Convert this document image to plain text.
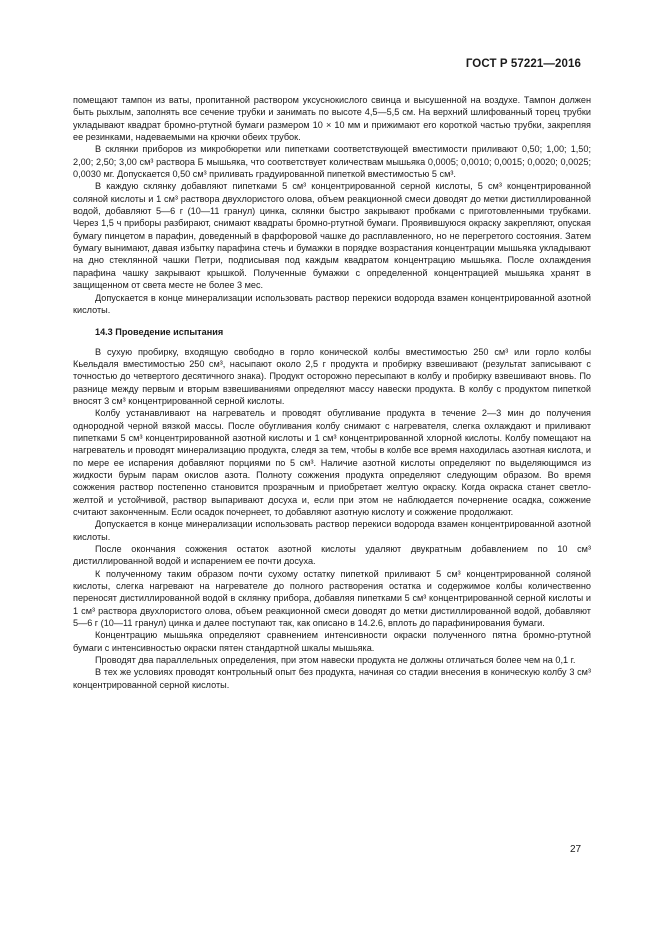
ГОСТ Р 57221—2016

помещают тампон из ваты, пропитанной раствором уксуснокислого свинца и высушенной на воздухе. Тампон должен быть рыхлым, заполнять все сечение трубки и занимать по высоте 4,5—5,5 см. На верхний шлифованный торец трубки укладывают квадрат бромно-ртутной бумаги размером 10 × 10 мм и прижимают его короткой частью трубки, закрепляя ее резинками, надеваемыми на крючки обеих трубок.

В склянки приборов из микробюретки или пипетками соответствующей вместимости приливают 0,50; 1,00; 1,50; 2,00; 2,50; 3,00 см³ раствора Б мышьяка, что соответствует количествам мышьяка 0,0005; 0,0010; 0,0015; 0,0020; 0,0025; 0,0030 мг. Допускается 0,50 см³ приливать градуированной пипеткой вместимостью 5 см³.

В каждую склянку добавляют пипетками 5 см³ концентрированной серной кислоты, 5 см³ концентрированной соляной кислоты и 1 см³ раствора двухлористого олова, объем реакционной смеси доводят до метки дистиллированной водой, добавляют 5—6 г (10—11 гранул) цинка, склянки быстро закрывают пробками с приготовленными трубками. Через 1,5 ч приборы разбирают, снимают квадраты бромно-ртутной бумаги. Проявившуюся окраску закрепляют, опуская бумагу пинцетом в парафин, доведенный в фарфоровой чашке до расплавленного, но не перегретого состояния. Затем бумагу вынимают, давая избытку парафина стечь и бумажки в порядке возрастания концентрации мышьяка укладывают на дно стеклянной чашки Петри, подписывая под каждым квадратом концентрацию мышьяка. После охлаждения парафина чашку закрывают крышкой. Полученные бумажки с определенной концентрацией мышьяка хранят в защищенном от света месте не более 3 мес.

Допускается в конце минерализации использовать раствор перекиси водорода взамен концентрированной азотной кислоты.

14.3 Проведение испытания

В сухую пробирку, входящую свободно в горло конической колбы вместимостью 250 см³ или горло колбы Кьельдаля вместимостью 250 см³, насыпают около 2,5 г продукта и пробирку взвешивают (результат записывают с точностью до четвертого десятичного знака). Продукт осторожно пересыпают в колбу и пробирку взвешивают вновь. По разнице между первым и вторым взвешиваниями определяют массу навески продукта. В колбу с продуктом пипеткой вносят 3 см³ концентрированной серной кислоты.

Колбу устанавливают на нагреватель и проводят обугливание продукта в течение 2—3 мин до получения однородной черной вязкой массы. После обугливания колбу снимают с нагревателя, слегка охлаждают и приливают пипетками 5 см³ концентрированной азотной кислоты и 1 см³ концентрированной хлорной кислоты. Колбу помещают на нагреватель и проводят минерализацию продукта, следя за тем, чтобы в колбе все время находилась азотная кислота, и по мере ее испарения добавляют порциями по 5 см³. Наличие азотной кислоты определяют по выделяющимся из жидкости бурым парам окислов азота. Полноту сожжения продукта определяют следующим образом. Во время сожжения раствор постепенно становится прозрачным и приобретает желтую окраску. Когда окраска станет светло-желтой и устойчивой, раствор выпаривают досуха и, если при этом не наблюдается почернение осадка, сожжение считают законченным. Если осадок почернеет, то добавляют азотную кислоту и сожжение продолжают.

Допускается в конце минерализации использовать раствор перекиси водорода взамен концентрированной азотной кислоты.

После окончания сожжения остаток азотной кислоты удаляют двукратным добавлением по 10 см³ дистиллированной водой и испарением ее почти досуха.

К полученному таким образом почти сухому остатку пипеткой приливают 5 см³ концентрированной соляной кислоты, слегка нагревают на нагревателе до полного растворения остатка и содержимое колбы количественно переносят дистиллированной водой в склянку прибора, добавляя пипетками 5 см³ концентрированной серной кислоты и 1 см³ раствора двухлористого олова, объем реакционной смеси доводят до метки дистиллированной водой, добавляют 5—6 г (10—11 гранул) цинка и далее поступают так, как описано в 14.2.6, вплоть до парафинирования бумаги.

Концентрацию мышьяка определяют сравнением интенсивности окраски полученного пятна бромно-ртутной бумаги с интенсивностью окраски пятен стандартной шкалы мышьяка.

Проводят два параллельных определения, при этом навески продукта не должны отличаться более чем на 0,1 г.

В тех же условиях проводят контрольный опыт без продукта, начиная со стадии внесения в коническую колбу 3 см³ концентрированной серной кислоты.

27
